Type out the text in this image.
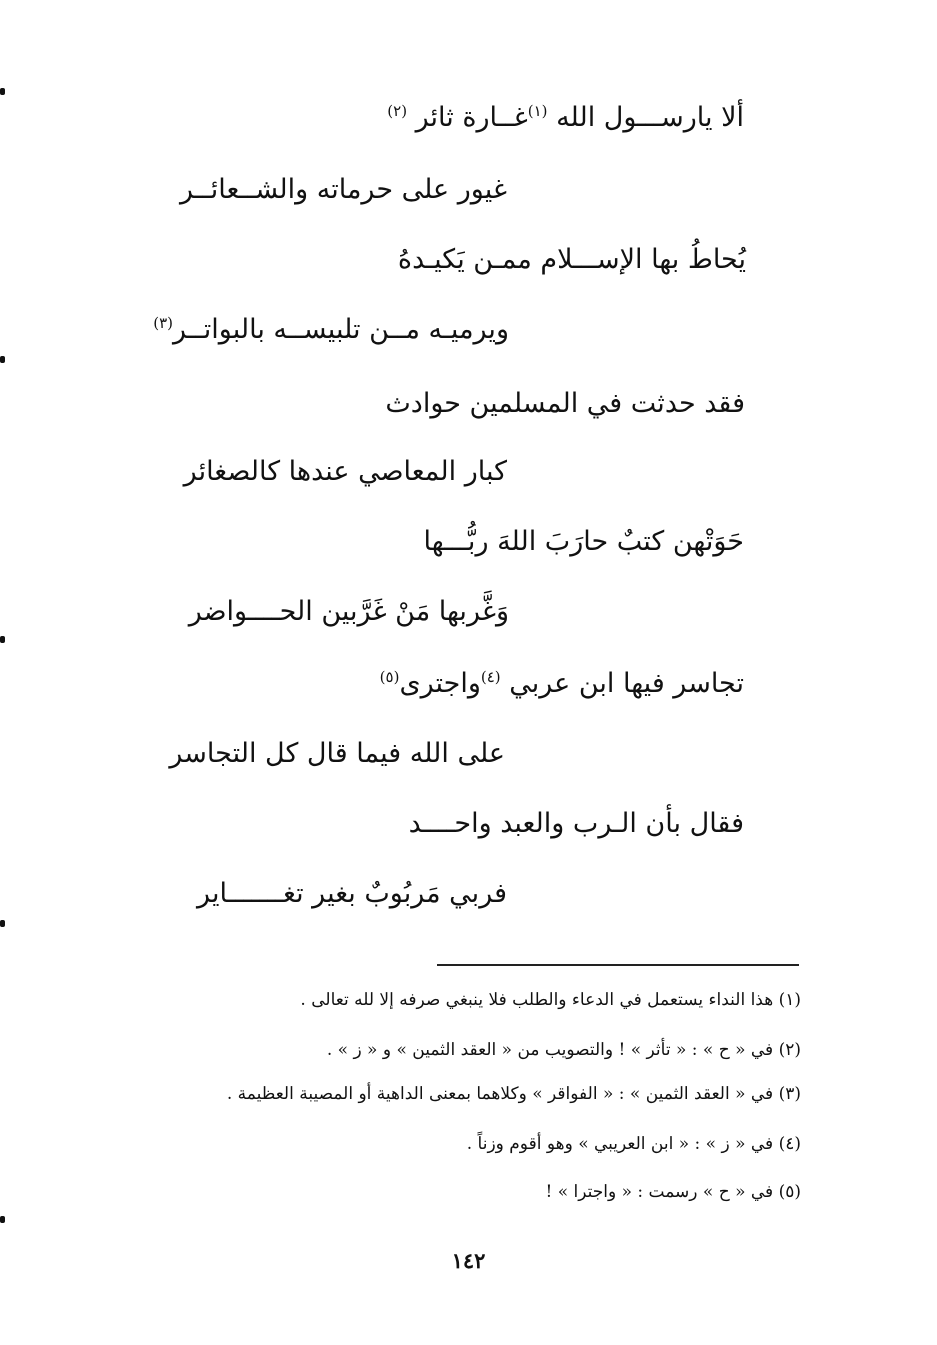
ألا يارســـول الله $^{(١)}$غــارة ثائر $^{(٢)}$
غيور على حرماته والشــعائــر
يُحاطُ بها الإســـلام ممـن يَكيـدهُ
ويرميـه مــن تلبيســه بالبواتــر$^{(٣)}$
فقد حدثت في المسلمين حوادث
كبار المعاصي عندها كالصغائر
حَوَتْهن كتبٌ حارَبَ اللهَ ربُّـــها
وَغَّربها مَنْ غَرَّبين الحــــواضر
تجاسر فيها ابن عربي $^{(٤)}$واجترى$^{(٥)}$
على الله فيما قال كل التجاسر
فقال بأن الـرب والعبد واحــــد
فربي مَربُوبٌ بغير تغـــــــاير
(١) هذا النداء يستعمل في الدعاء والطلب فلا ينبغي صرفه إلا لله تعالى .
(٢) في « ح » : « تأثر » ! والتصويب من « العقد الثمين » و « ز » .
(٣) في « العقد الثمين » : « الفواقر » وكلاهما بمعنى الداهية أو المصيبة العظيمة .
(٤) في « ز » : « ابن العريبي » وهو أقوم وزناً .
(٥) في « ح » رسمت : « واجترا » !
١٤٢
